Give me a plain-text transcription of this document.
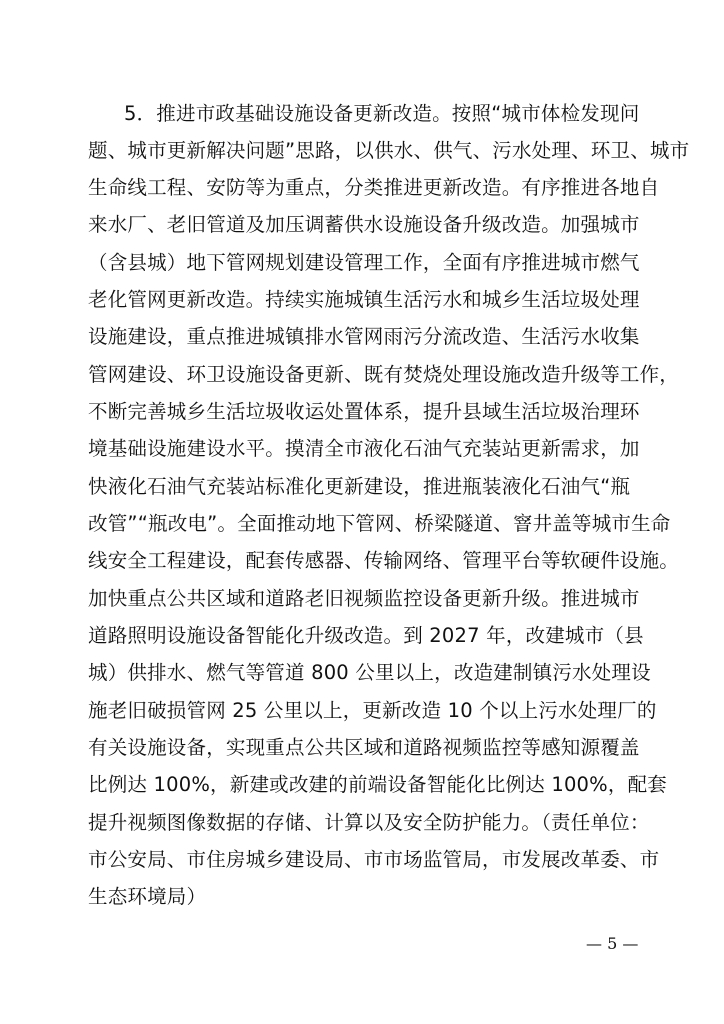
5．推进市政基础设施设备更新改造。按照“城市体检发现问
题、城市更新解决问题”思路，以供水、供气、污水处理、环卫、城市
生命线工程、安防等为重点，分类推进更新改造。有序推进各地自
来水厂、老旧管道及加压调蓄供水设施设备升级改造。加强城市
（含县城）地下管网规划建设管理工作，全面有序推进城市燃气
老化管网更新改造。持续实施城镇生活污水和城乡生活垃圾处理
设施建设，重点推进城镇排水管网雨污分流改造、生活污水收集
管网建设、环卫设施设备更新、既有焚烧处理设施改造升级等工作，
不断完善城乡生活垃圾收运处置体系，提升县域生活垃圾治理环
境基础设施建设水平。摸清全市液化石油气充装站更新需求，加
快液化石油气充装站标准化更新建设，推进瓶装液化石油气“瓶
改管”“瓶改电”。全面推动地下管网、桥梁隧道、窨井盖等城市生命
线安全工程建设，配套传感器、传输网络、管理平台等软硬件设施。
加快重点公共区域和道路老旧视频监控设备更新升级。推进城市
道路照明设施设备智能化升级改造。到 2027 年，改建城市（县
城）供排水、燃气等管道 800 公里以上，改造建制镇污水处理设
施老旧破损管网 25 公里以上，更新改造 10 个以上污水处理厂的
有关设施设备，实现重点公共区域和道路视频监控等感知源覆盖
比例达 100%，新建或改建的前端设备智能化比例达 100%，配套
提升视频图像数据的存储、计算以及安全防护能力。（责任单位：
市公安局、市住房城乡建设局、市市场监管局，市发展改革委、市
生态环境局）
— 5 —
